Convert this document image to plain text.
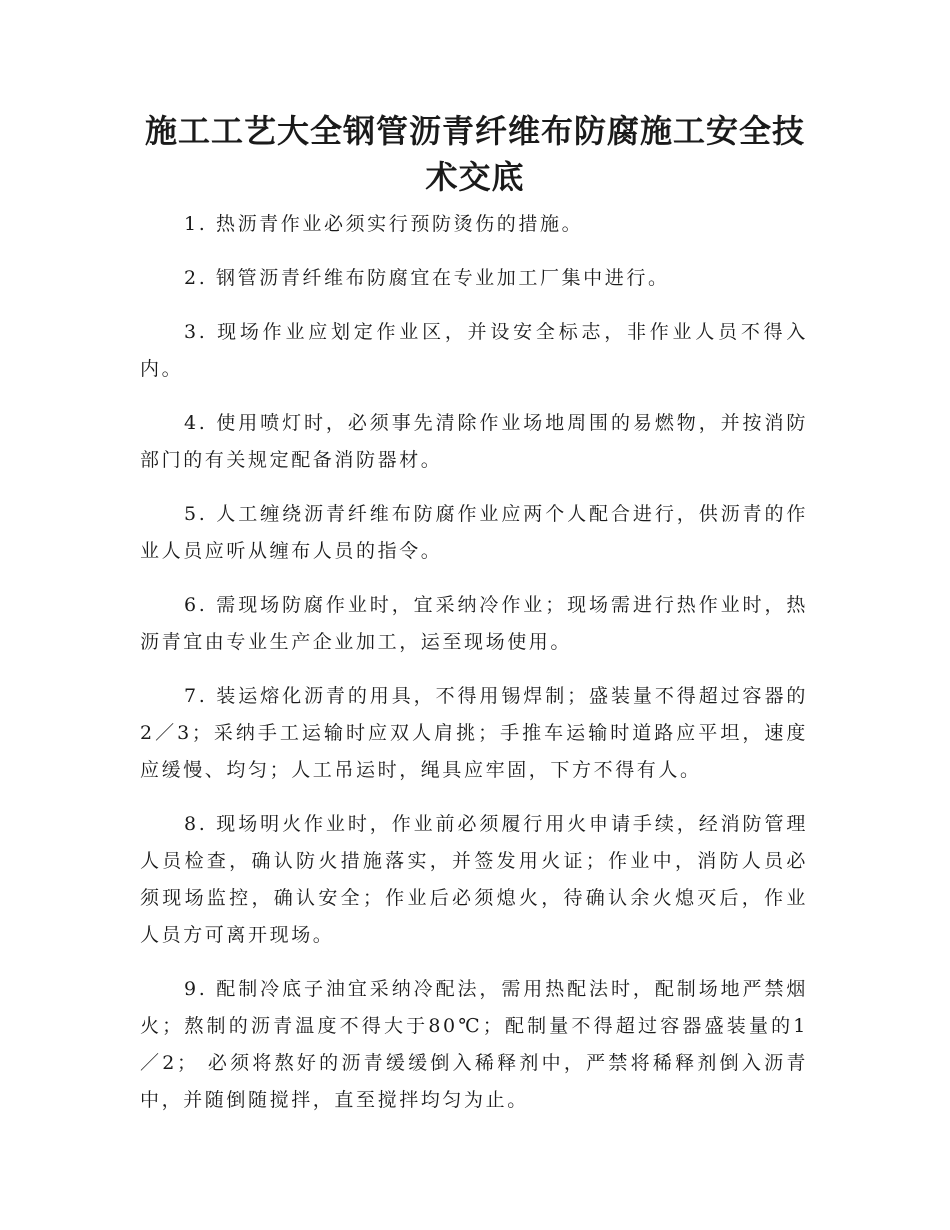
施工工艺大全钢管沥青纤维布防腐施工安全技术交底

1. 热沥青作业必须实行预防烫伤的措施。

2. 钢管沥青纤维布防腐宜在专业加工厂集中进行。

3. 现场作业应划定作业区，并设安全标志，非作业人员不得入内。

4. 使用喷灯时，必须事先清除作业场地周围的易燃物，并按消防部门的有关规定配备消防器材。

5. 人工缠绕沥青纤维布防腐作业应两个人配合进行，供沥青的作业人员应听从缠布人员的指令。

6. 需现场防腐作业时，宜采纳冷作业；现场需进行热作业时，热沥青宜由专业生产企业加工，运至现场使用。

7. 装运熔化沥青的用具，不得用锡焊制；盛装量不得超过容器的2／3；采纳手工运输时应双人肩挑；手推车运输时道路应平坦，速度应缓慢、均匀；人工吊运时，绳具应牢固，下方不得有人。

8. 现场明火作业时，作业前必须履行用火申请手续，经消防管理人员检查，确认防火措施落实，并签发用火证；作业中，消防人员必须现场监控，确认安全；作业后必须熄火，待确认余火熄灭后，作业人员方可离开现场。

9. 配制冷底子油宜采纳冷配法，需用热配法时，配制场地严禁烟火；熬制的沥青温度不得大于80℃；配制量不得超过容器盛装量的1／2； 必须将熬好的沥青缓缓倒入稀释剂中，严禁将稀释剂倒入沥青中，并随倒随搅拌，直至搅拌均匀为止。
